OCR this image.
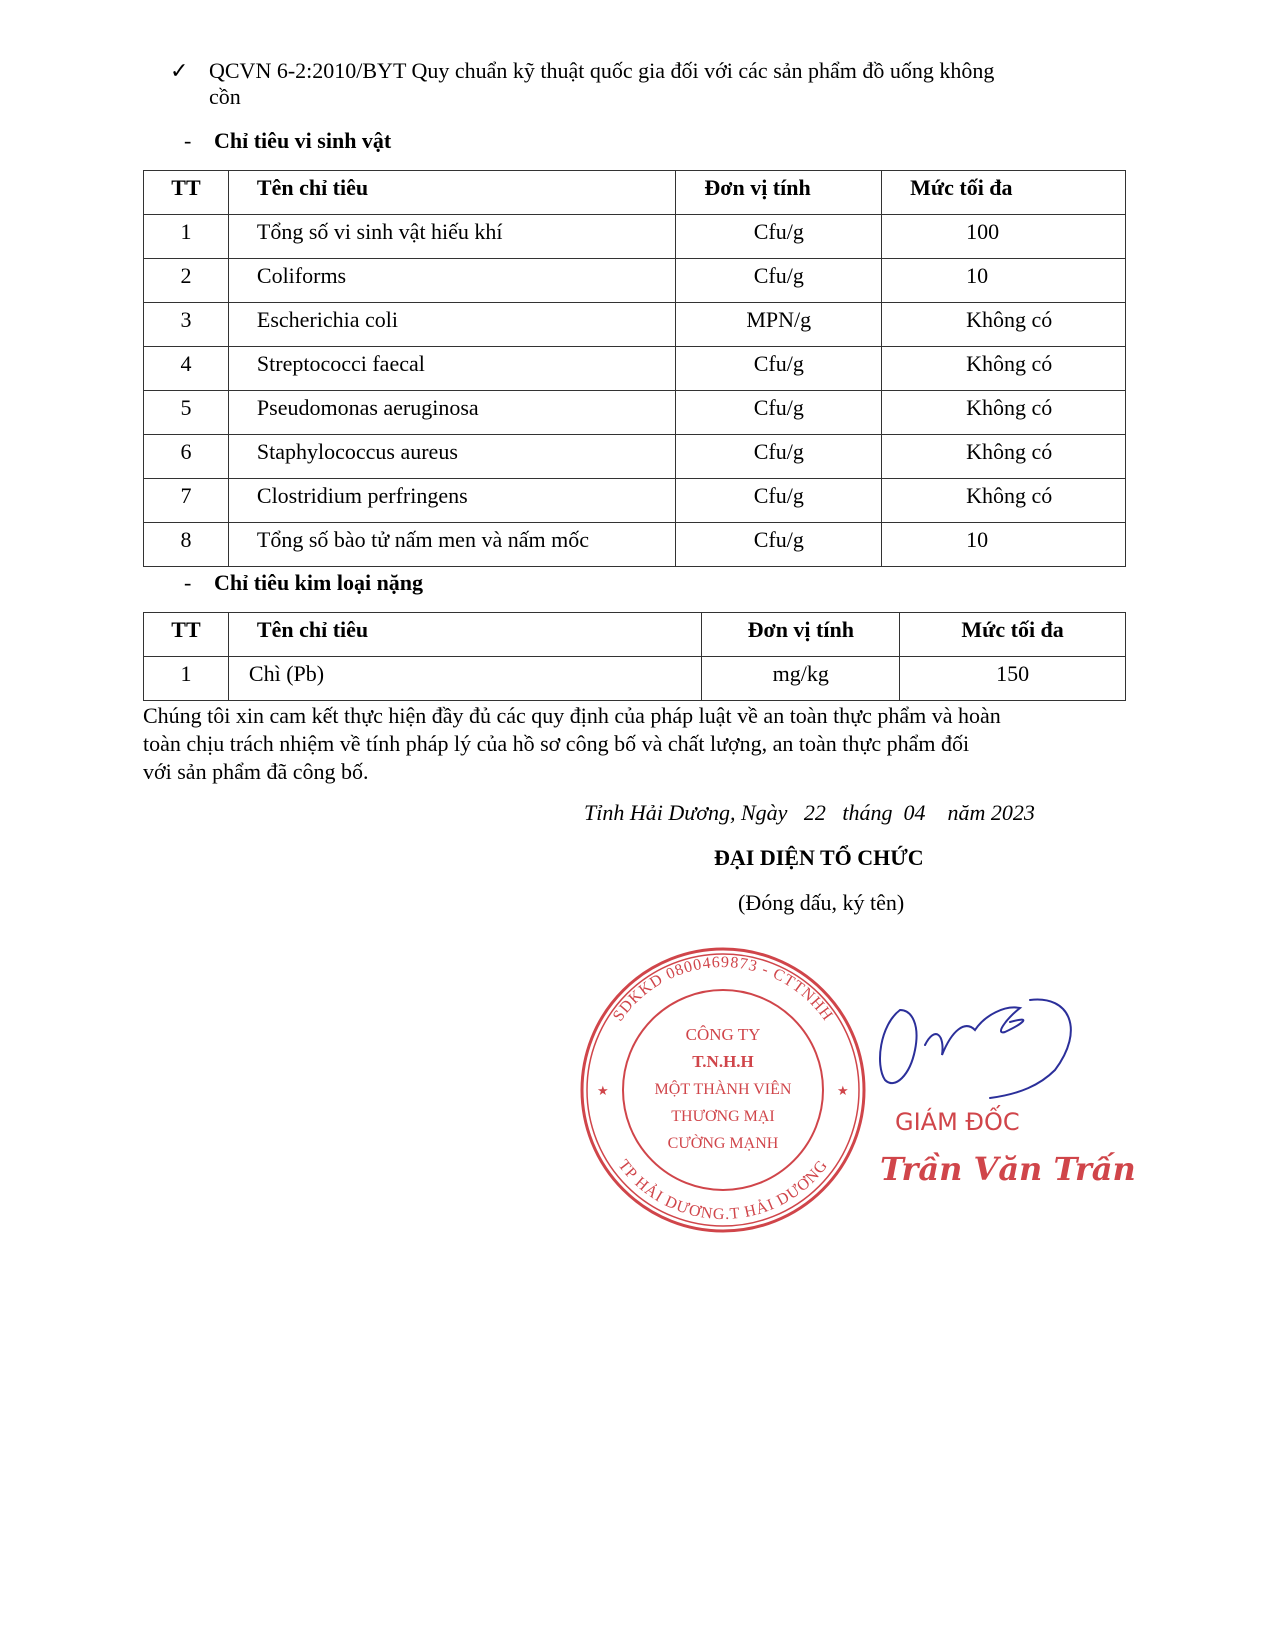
✓ QCVN 6-2:2010/BYT Quy chuẩn kỹ thuật quốc gia đối với các sản phẩm đồ uống không
cồn
- Chỉ tiêu vi sinh vật
TT	Tên chỉ tiêu	Đơn vị tính	Mức tối đa

1	Tổng số vi sinh vật hiếu khí	Cfu/g	100

2	Coliforms	Cfu/g	10

3	Escherichia coli	MPN/g	Không có

4	Streptococci faecal	Cfu/g	Không có

5	Pseudomonas aeruginosa	Cfu/g	Không có

6	Staphylococcus aureus	Cfu/g	Không có

7	Clostridium perfringens	Cfu/g	Không có

8	Tổng số bào tử nấm men và nấm mốc	Cfu/g	10
- Chỉ tiêu kim loại nặng
TT	Tên chỉ tiêu	Đơn vị tính	Mức tối đa

1	Chì (Pb)	mg/kg	150
Chúng tôi xin cam kết thực hiện đầy đủ các quy định của pháp luật về an toàn thực phẩm và hoàn
toàn chịu trách nhiệm về tính pháp lý của hồ sơ công bố và chất lượng, an toàn thực phẩm đối
với sản phẩm đã công bố.
Tỉnh Hải Dương, Ngày   22   tháng  04    năm 2023
ĐẠI DIỆN TỔ CHỨC
(Đóng dấu, ký tên)
SDKKD 0800469873 - CTTNHH
TP HẢI DƯƠNG.T HẢI DƯƠNG
★	★
CÔNG TY
T.N.H.H
MỘT THÀNH VIÊN
THƯƠNG MẠI
CƯỜNG MẠNH
GIÁM ĐỐC
Trần Văn Trấn
